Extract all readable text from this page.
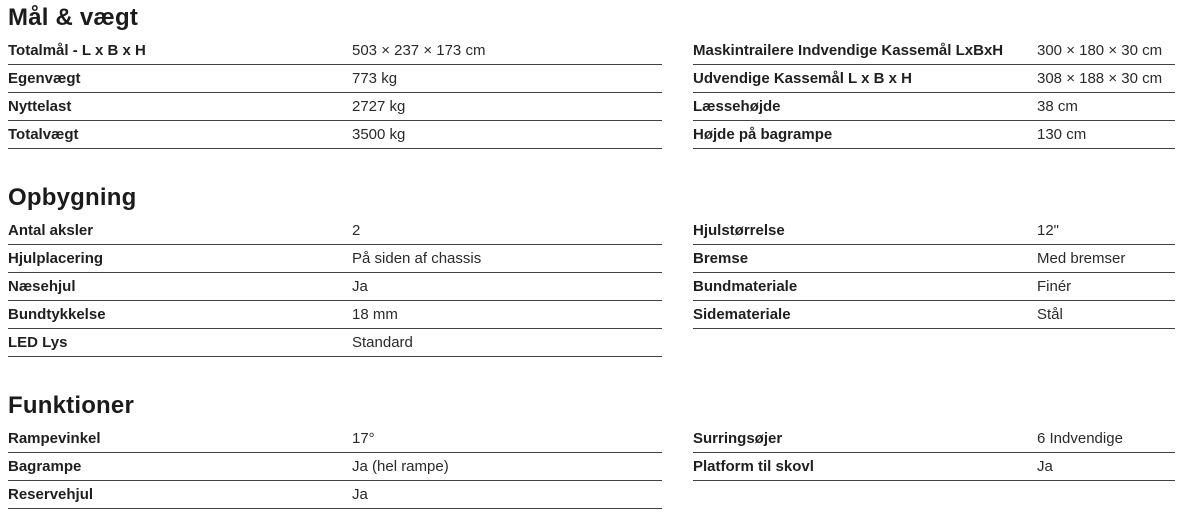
Mål & vægt
Totalmål - L x B x H	503 × 237 × 173 cm
Egenvægt	773 kg
Nyttelast	2727 kg
Totalvægt	3500 kg
Maskintrailere Indvendige Kassemål LxBxH	300 × 180 × 30 cm
Udvendige Kassemål L x B x H	308 × 188 × 30 cm
Læssehøjde	38 cm
Højde på bagrampe	130 cm
Opbygning
Antal aksler	2
Hjulplacering	På siden af chassis
Næsehjul	Ja
Bundtykkelse	18 mm
LED Lys	Standard
Hjulstørrelse	12"
Bremse	Med bremser
Bundmateriale	Finér
Sidemateriale	Stål
Funktioner
Rampevinkel	17°
Bagrampe	Ja (hel rampe)
Reservehjul	Ja
Surringsøjer	6 Indvendige
Platform til skovl	Ja
